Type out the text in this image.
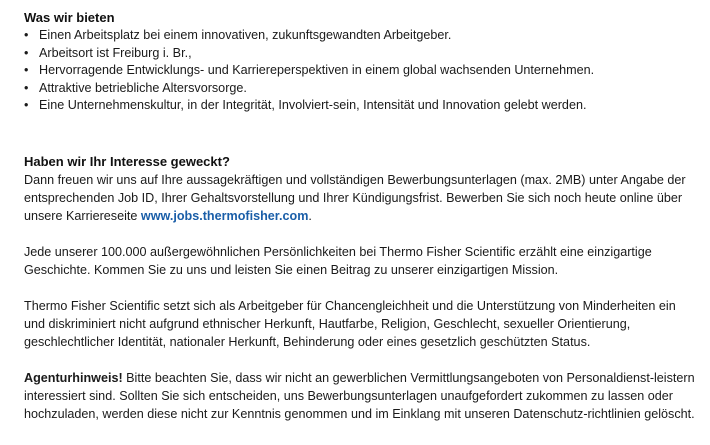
Was wir bieten
• Einen Arbeitsplatz bei einem innovativen, zukunftsgewandten Arbeitgeber.
• Arbeitsort ist Freiburg i. Br.,
• Hervorragende Entwicklungs- und Karriereperspektiven in einem global wachsenden Unternehmen.
• Attraktive betriebliche Altersvorsorge.
• Eine Unternehmenskultur, in der Integrität, Involviert-sein, Intensität und Innovation gelebt werden.
Haben wir Ihr Interesse geweckt?

Dann freuen wir uns auf Ihre aussagekräftigen und vollständigen Bewerbungsunterlagen (max. 2MB) unter Angabe der entsprechenden Job ID, Ihrer Gehaltsvorstellung und Ihrer Kündigungsfrist. Bewerben Sie sich noch heute online über unsere Karriereseite www.jobs.thermofisher.com.

Jede unserer 100.000 außergewöhnlichen Persönlichkeiten bei Thermo Fisher Scientific erzählt eine einzigartige Geschichte. Kommen Sie zu uns und leisten Sie einen Beitrag zu unserer einzigartigen Mission.

Thermo Fisher Scientific setzt sich als Arbeitgeber für Chancengleichheit und die Unterstützung von Minderheiten ein und diskriminiert nicht aufgrund ethnischer Herkunft, Hautfarbe, Religion, Geschlecht, sexueller Orientierung, geschlechtlicher Identität, nationaler Herkunft, Behinderung oder eines gesetzlich geschützten Status.

Agenturhinweis! Bitte beachten Sie, dass wir nicht an gewerblichen Vermittlungsangeboten von Personaldienst-leistern interessiert sind. Sollten Sie sich entscheiden, uns Bewerbungsunterlagen unaufgefordert zukommen zu lassen oder hochzuladen, werden diese nicht zur Kenntnis genommen und im Einklang mit unseren Datenschutz-richtlinien gelöscht.
